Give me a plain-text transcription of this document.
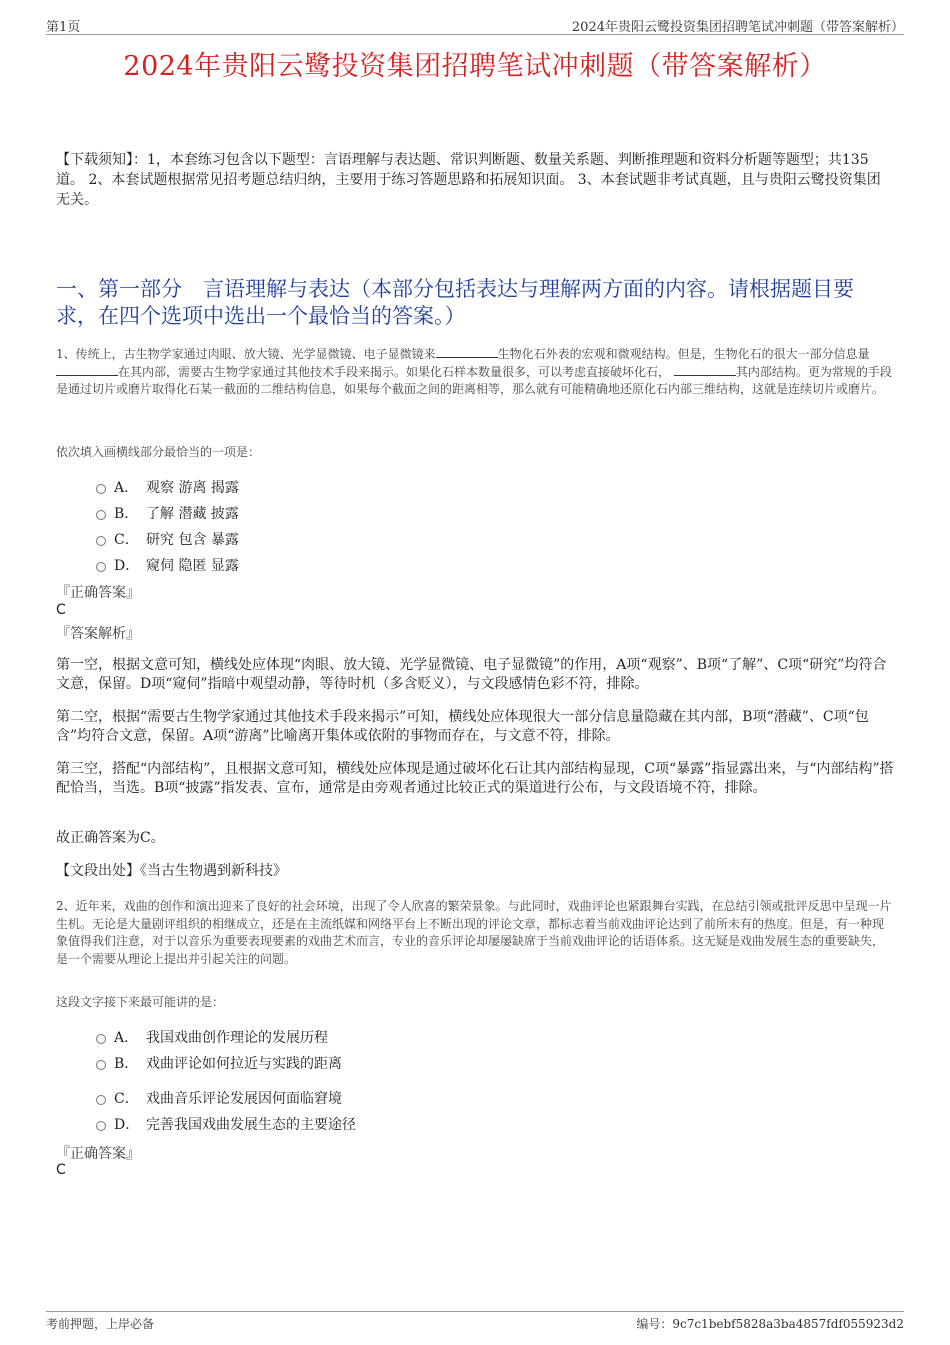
第1页	2024年贵阳云鹭投资集团招聘笔试冲刺题（带答案解析）
2024年贵阳云鹭投资集团招聘笔试冲刺题（带答案解析）
【下载须知】：1，本套练习包含以下题型：言语理解与表达题、常识判断题、数量关系题、判断推理题和资料分析题等题型；共135道。 2、本套试题根据常见招考题总结归纳，主要用于练习答题思路和拓展知识面。 3、本套试题非考试真题，且与贵阳云鹭投资集团无关。
一、第一部分　言语理解与表达（本部分包括表达与理解两方面的内容。请根据题目要求，在四个选项中选出一个最恰当的答案。）
1、传统上，古生物学家通过肉眼、放大镜、光学显微镜、电子显微镜来	生物化石外表的宏观和微观结构。但是，生物化石的很大一部分信息量在其内部，需要古生物学家通过其他技术手段来揭示。如果化石样本数量很多，可以考虑直接破坏化石，	其内部结构。更为常规的手段是通过切片或磨片取得化石某一截面的二维结构信息，如果每个截面之间的距离相等，那么就有可能精确地还原化石内部三维结构，这就是连续切片或磨片。
依次填入画横线部分最恰当的一项是：
A． 观察 游离 揭露
B． 了解 潜藏 披露
C． 研究 包含 暴露
D． 窥伺 隐匿 显露
『正确答案』
C
『答案解析』
第一空，根据文意可知，横线处应体现“肉眼、放大镜、光学显微镜、电子显微镜”的作用，A项“观察”、B项“了解”、C项“研究”均符合文意，保留。D项“窥伺”指暗中观望动静，等待时机（多含贬义），与文段感情色彩不符，排除。
第二空，根据“需要古生物学家通过其他技术手段来揭示”可知，横线处应体现很大一部分信息量隐藏在其内部，B项“潜藏”、C项“包含”均符合文意，保留。A项“游离”比喻离开集体或依附的事物而存在，与文意不符，排除。
第三空，搭配“内部结构”，且根据文意可知，横线处应体现是通过破坏化石让其内部结构显现，C项“暴露”指显露出来，与“内部结构”搭配恰当，当选。B项“披露”指发表、宣布，通常是由旁观者通过比较正式的渠道进行公布，与文段语境不符，排除。
故正确答案为C。
【文段出处】《当古生物遇到新科技》
2、近年来，戏曲的创作和演出迎来了良好的社会环境，出现了令人欣喜的繁荣景象。与此同时，戏曲评论也紧跟舞台实践，在总结引领或批评反思中呈现一片生机。无论是大量剧评组织的相继成立，还是在主流纸媒和网络平台上不断出现的评论文章，都标志着当前戏曲评论达到了前所未有的热度。但是，有一种现象值得我们注意，对于以音乐为重要表现要素的戏曲艺术而言，专业的音乐评论却屡屡缺席于当前戏曲评论的话语体系。这无疑是戏曲发展生态的重要缺失，是一个需要从理论上提出并引起关注的问题。
这段文字接下来最可能讲的是：
A． 我国戏曲创作理论的发展历程
B． 戏曲评论如何拉近与实践的距离
C． 戏曲音乐评论发展因何面临窘境
D． 完善我国戏曲发展生态的主要途径
『正确答案』
C
考前押题，上岸必备	编号：9c7c1bebf5828a3ba4857fdf055923d2
